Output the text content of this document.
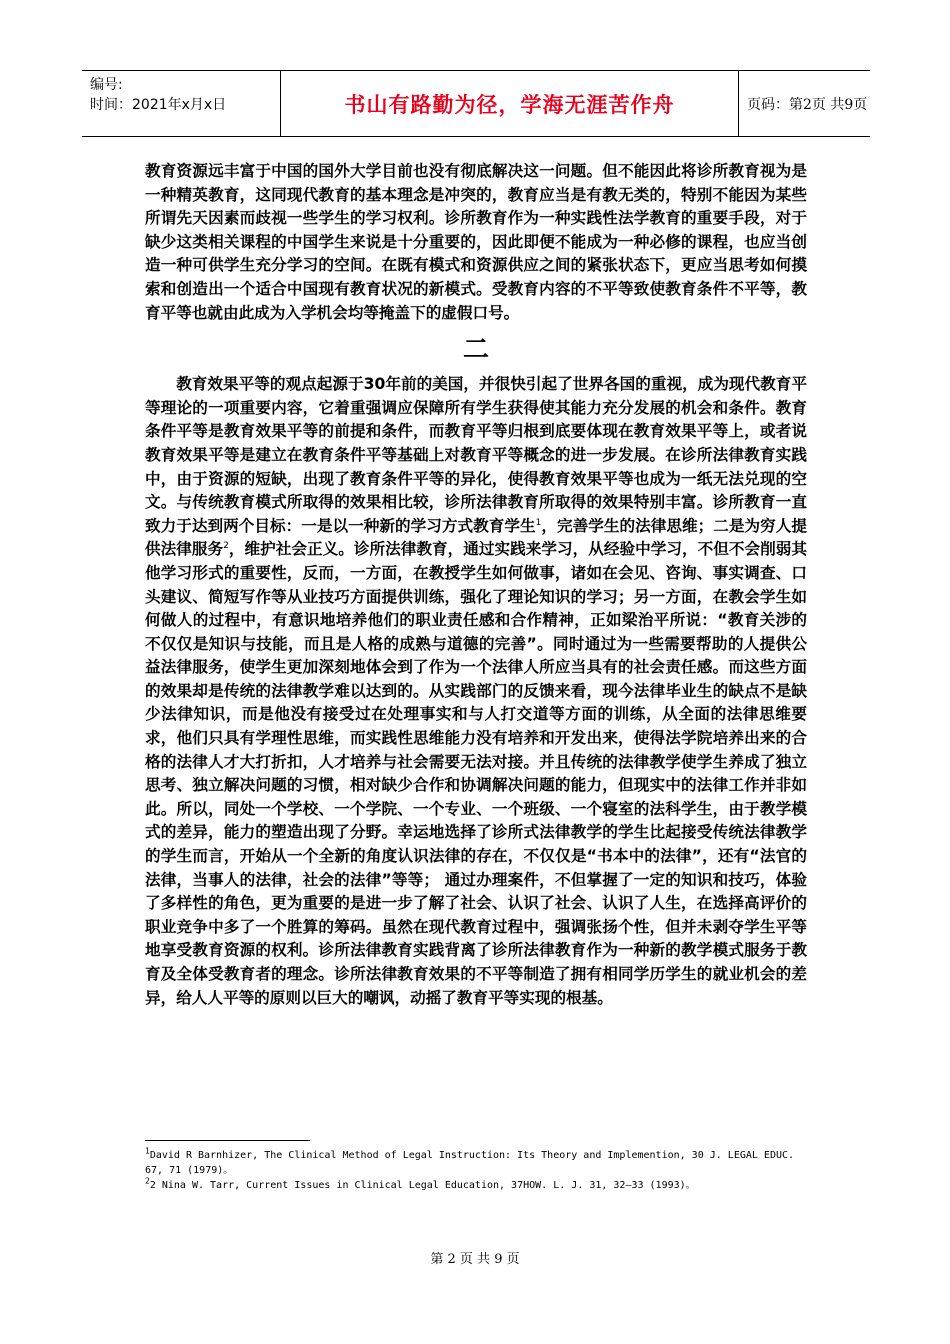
编号:
时间：2021年x月x日	书山有路勤为径，学海无涯苦作舟	页码：第2页 共9页

教育资源远丰富于中国的国外大学目前也没有彻底解决这一问题。但不能因此将诊所教育视为是一种精英教育，这同现代教育的基本理念是冲突的，教育应当是有教无类的，特别不能因为某些所谓先天因素而歧视一些学生的学习权利。诊所教育作为一种实践性法学教育的重要手段，对于缺少这类相关课程的中国学生来说是十分重要的，因此即便不能成为一种必修的课程，也应当创造一种可供学生充分学习的空间。在既有模式和资源供应之间的紧张状态下，更应当思考如何摸索和创造出一个适合中国现有教育状况的新模式。受教育内容的不平等致使教育条件不平等，教育平等也就由此成为入学机会均等掩盖下的虚假口号。

二

教育效果平等的观点起源于30年前的美国，并很快引起了世界各国的重视，成为现代教育平等理论的一项重要内容，它着重强调应保障所有学生获得使其能力充分发展的机会和条件。教育条件平等是教育效果平等的前提和条件，而教育平等归根到底要体现在教育效果平等上，或者说教育效果平等是建立在教育条件平等基础上对教育平等概念的进一步发展。在诊所法律教育实践中，由于资源的短缺，出现了教育条件平等的异化，使得教育效果平等也成为一纸无法兑现的空文。与传统教育模式所取得的效果相比较，诊所法律教育所取得的效果特别丰富。诊所教育一直致力于达到两个目标：一是以一种新的学习方式教育学生$^1$，完善学生的法律思维；二是为穷人提供法律服务$^2$，维护社会正义。诊所法律教育，通过实践来学习，从经验中学习，不但不会削弱其他学习形式的重要性，反而，一方面，在教授学生如何做事，诸如在会见、咨询、事实调查、口头建议、简短写作等从业技巧方面提供训练，强化了理论知识的学习；另一方面，在教会学生如何做人的过程中，有意识地培养他们的职业责任感和合作精神，正如梁治平所说：“教育关涉的不仅仅是知识与技能，而且是人格的成熟与道德的完善”。同时通过为一些需要帮助的人提供公益法律服务，使学生更加深刻地体会到了作为一个法律人所应当具有的社会责任感。而这些方面的效果却是传统的法律教学难以达到的。从实践部门的反馈来看，现今法律毕业生的缺点不是缺少法律知识，而是他没有接受过在处理事实和与人打交道等方面的训练，从全面的法律思维要求，他们只具有学理性思维，而实践性思维能力没有培养和开发出来，使得法学院培养出来的合格的法律人才大打折扣，人才培养与社会需要无法对接。并且传统的法律教学使学生养成了独立思考、独立解决问题的习惯，相对缺少合作和协调解决问题的能力，但现实中的法律工作并非如此。所以，同处一个学校、一个学院、一个专业、一个班级、一个寝室的法科学生，由于教学模式的差异，能力的塑造出现了分野。幸运地选择了诊所式法律教学的学生比起接受传统法律教学的学生而言，开始从一个全新的角度认识法律的存在，不仅仅是“书本中的法律”，还有“法官的法律，当事人的法律，社会的法律”等等； 通过办理案件，不但掌握了一定的知识和技巧，体验了多样性的角色，更为重要的是进一步了解了社会、认识了社会、认识了人生，在选择高评价的职业竞争中多了一个胜算的筹码。虽然在现代教育过程中，强调张扬个性，但并未剥夺学生平等地享受教育资源的权利。诊所法律教育实践背离了诊所法律教育作为一种新的教学模式服务于教育及全体受教育者的理念。诊所法律教育效果的不平等制造了拥有相同学历学生的就业机会的差异，给人人平等的原则以巨大的嘲讽，动摇了教育平等实现的根基。

$^1$David R Barnhizer, The Clinical Method of Legal Instruction: Its Theory and Implemention, 30 J. LEGAL EDUC. 67, 71 (1979)。

$^2$2 Nina W. Tarr, Current Issues in Clinical Legal Education, 37HOW. L. J. 31, 32—33 (1993)。

第 2 页 共 9 页
